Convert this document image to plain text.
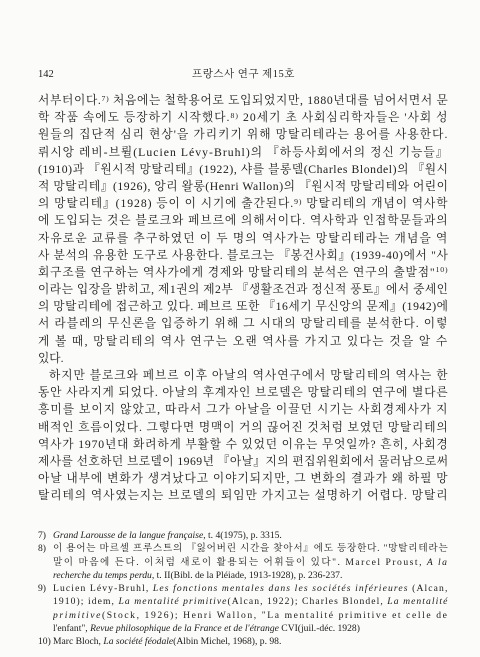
142	프랑스사 연구 제15호
서부터이다.$^{7)}$ 처음에는 철학용어로 도입되었지만, 1880년대를 넘어서면서 문
학 작품 속에도 등장하기 시작했다.$^{8)}$ 20세기 초 사회심리학자들은 '사회 성
원들의 집단적 심리 현상'을 가리키기 위해 망탈리테라는 용어를 사용한다.
뤼시앙 레비-브륄(Lucien Lévy-Bruhl)의 『하등사회에서의 정신 기능들』
(1910)과 『원시적 망탈리테』(1922), 샤를 블롱델(Charles Blondel)의 『원시
적 망탈리테』(1926), 앙리 왈롱(Henri Wallon)의 『원시적 망탈리테와 어린이
의 망탈리테』(1928) 등이 이 시기에 출간된다.$^{9)}$ 망탈리테의 개념이 역사학
에 도입되는 것은 블로크와 페브르에 의해서이다. 역사학과 인접학문들과의
자유로운 교류를 추구하였던 이 두 명의 역사가는 망탈리테라는 개념을 역
사 분석의 유용한 도구로 사용한다. 블로크는 『봉건사회』(1939-40)에서 "사
회구조를 연구하는 역사가에게 경제와 망탈리테의 분석은 연구의 출발점"$^{10)}$
이라는 입장을 밝히고, 제1권의 제2부 『생활조건과 정신적 풍토』에서 중세인
의 망탈리테에 접근하고 있다. 페브르 또한 『16세기 무신앙의 문제』(1942)에
서 라블레의 무신론을 입증하기 위해 그 시대의 망탈리테를 분석한다. 이렇
게 볼 때, 망탈리테의 역사 연구는 오랜 역사를 가지고 있다는 것을 알 수
있다.
하지만 블로크와 페브르 이후 아날의 역사연구에서 망탈리테의 역사는 한
동안 사라지게 되었다. 아날의 후계자인 브로델은 망탈리테의 연구에 별다른
흥미를 보이지 않았고, 따라서 그가 아날을 이끌던 시기는 사회경제사가 지
배적인 흐름이었다. 그렇다면 명맥이 거의 끊어진 것처럼 보였던 망탈리테의
역사가 1970년대 화려하게 부활할 수 있었던 이유는 무엇일까? 흔히, 사회경
제사를 선호하던 브로델이 1969년 『아날』지의 편집위원회에서 물러남으로써
아날 내부에 변화가 생겨났다고 이야기되지만, 그 변화의 결과가 왜 하필 망
탈리테의 역사였는지는 브로델의 퇴임만 가지고는 설명하기 어렵다. 망탈리
7) Grand Larousse de la langue française, t. 4(1975), p. 3315.
8) 이 용어는 마르셀 프루스트의 『잃어버린 시간을 찾아서』에도 등장한다. "망탈리테라는
말이 마음에 든다. 이처럼 새로이 활용되는 어휘들이 있다". Marcel Proust, A la
recherche du temps perdu, t. II(Bibl. de la Pléiade, 1913-1928), p. 236-237.
9) Lucien Lévy-Bruhl, Les fonctions mentales dans les sociétés inférieures (Alcan,
1910); idem, La mentalité primitive(Alcan, 1922); Charles Blondel, La mentalité
primitive(Stock, 1926); Henri Wallon, "La mentalité primitive et celle de
l'enfant", Revue philosophique de la France et de l'étrange CVI(juil.-déc. 1928)
10) Marc Bloch, La société féodale(Albin Michel, 1968), p. 98.
